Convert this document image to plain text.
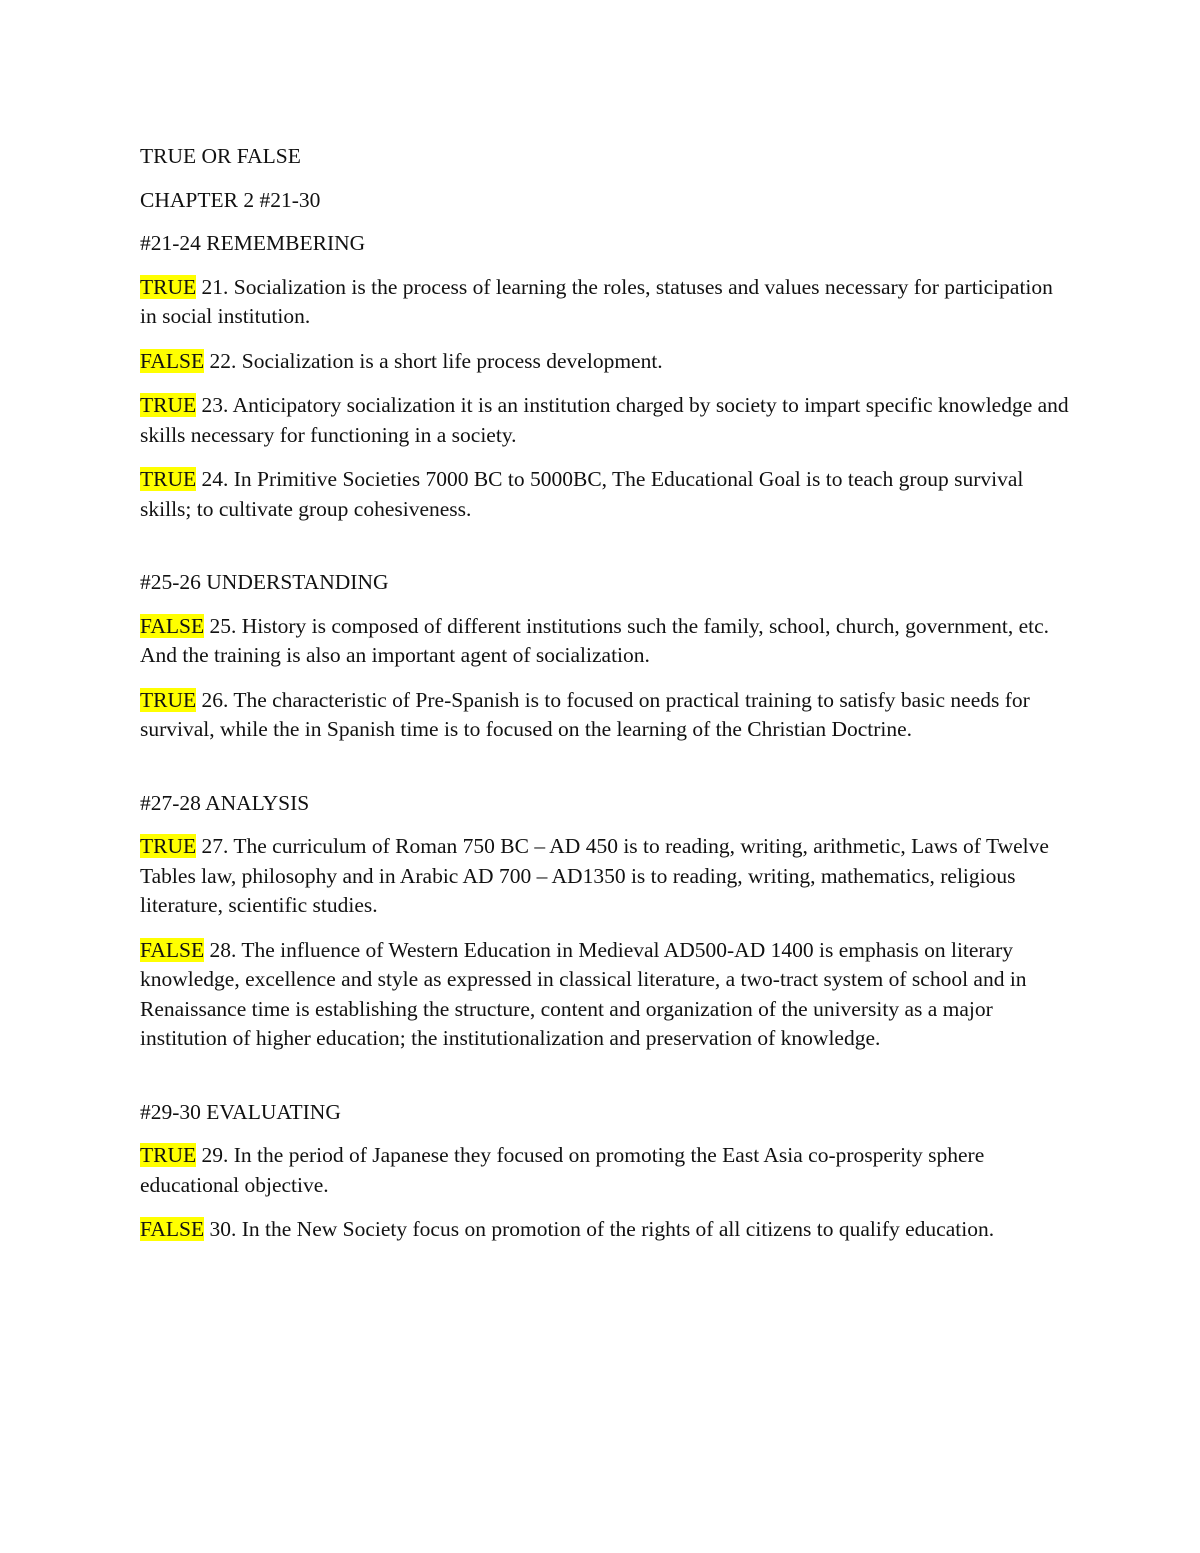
TRUE OR FALSE

CHAPTER 2 #21-30

#21-24 REMEMBERING

TRUE 21. Socialization is the process of learning the roles, statuses and values necessary for participation in social institution.

FALSE 22. Socialization is a short life process development.

TRUE 23. Anticipatory socialization it is an institution charged by society to impart specific knowledge and skills necessary for functioning in a society.

TRUE 24. In Primitive Societies 7000 BC to 5000BC, The Educational Goal is to teach group survival skills; to cultivate group cohesiveness.

#25-26 UNDERSTANDING

FALSE 25. History is composed of different institutions such the family, school, church, government, etc. And the training is also an important agent of socialization.

TRUE 26. The characteristic of Pre-Spanish is to focused on practical training to satisfy basic needs for survival, while the in Spanish time is to focused on the learning of the Christian Doctrine.

#27-28 ANALYSIS

TRUE 27. The curriculum of Roman 750 BC – AD 450 is to reading, writing, arithmetic, Laws of Twelve Tables law, philosophy and in Arabic AD 700 – AD1350 is to reading, writing, mathematics, religious literature, scientific studies.

FALSE 28. The influence of Western Education in Medieval AD500-AD 1400 is emphasis on literary knowledge, excellence and style as expressed in classical literature, a two-tract system of school and in Renaissance time is establishing the structure, content and organization of the university as a major institution of higher education; the institutionalization and preservation of knowledge.

#29-30 EVALUATING

TRUE 29. In the period of Japanese they focused on promoting the East Asia co-prosperity sphere educational objective.

FALSE 30. In the New Society focus on promotion of the rights of all citizens to qualify education.
